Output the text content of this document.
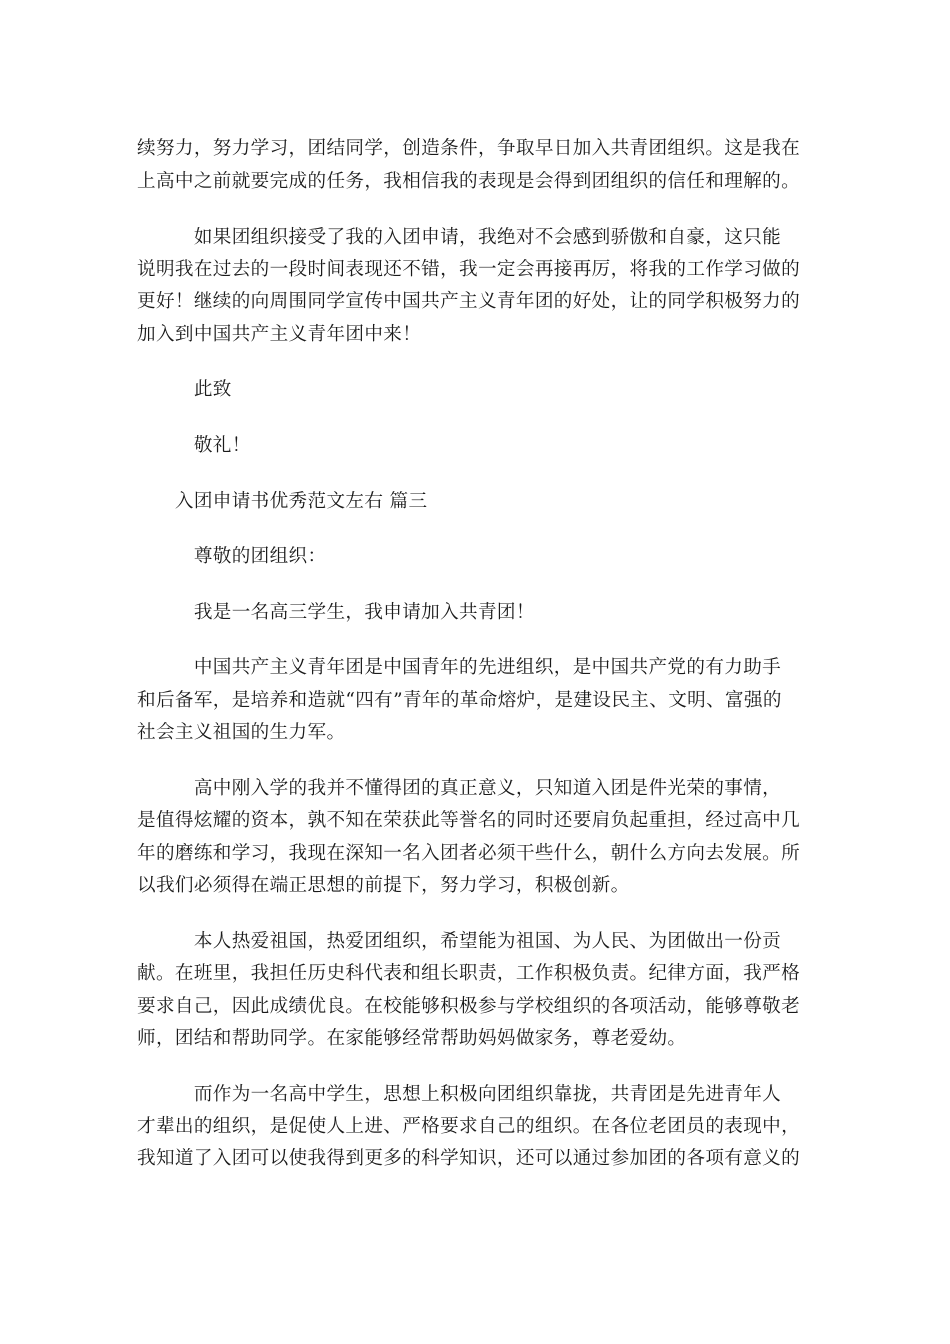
续努力，努力学习，团结同学，创造条件，争取早日加入共青团组织。这是我在
上高中之前就要完成的任务，我相信我的表现是会得到团组织的信任和理解的。
　　　如果团组织接受了我的入团申请，我绝对不会感到骄傲和自豪，这只能
说明我在过去的一段时间表现还不错，我一定会再接再厉，将我的工作学习做的
更好！继续的向周围同学宣传中国共产主义青年团的好处，让的同学积极努力的
加入到中国共产主义青年团中来！
　　　此致
　　　敬礼！
　　入团申请书优秀范文左右 篇三
　　　尊敬的团组织：
　　　我是一名高三学生，我申请加入共青团！
　　　中国共产主义青年团是中国青年的先进组织，是中国共产党的有力助手
和后备军，是培养和造就“四有”青年的革命熔炉，是建设民主、文明、富强的
社会主义祖国的生力军。
　　　高中刚入学的我并不懂得团的真正意义，只知道入团是件光荣的事情，
是值得炫耀的资本，孰不知在荣获此等誉名的同时还要肩负起重担，经过高中几
年的磨练和学习，我现在深知一名入团者必须干些什么，朝什么方向去发展。所
以我们必须得在端正思想的前提下，努力学习，积极创新。
　　　本人热爱祖国，热爱团组织，希望能为祖国、为人民、为团做出一份贡
献。在班里，我担任历史科代表和组长职责，工作积极负责。纪律方面，我严格
要求自己，因此成绩优良。在校能够积极参与学校组织的各项活动，能够尊敬老
师，团结和帮助同学。在家能够经常帮助妈妈做家务，尊老爱幼。
　　　而作为一名高中学生，思想上积极向团组织靠拢，共青团是先进青年人
才辈出的组织，是促使人上进、严格要求自己的组织。在各位老团员的表现中，
我知道了入团可以使我得到更多的科学知识，还可以通过参加团的各项有意义的
